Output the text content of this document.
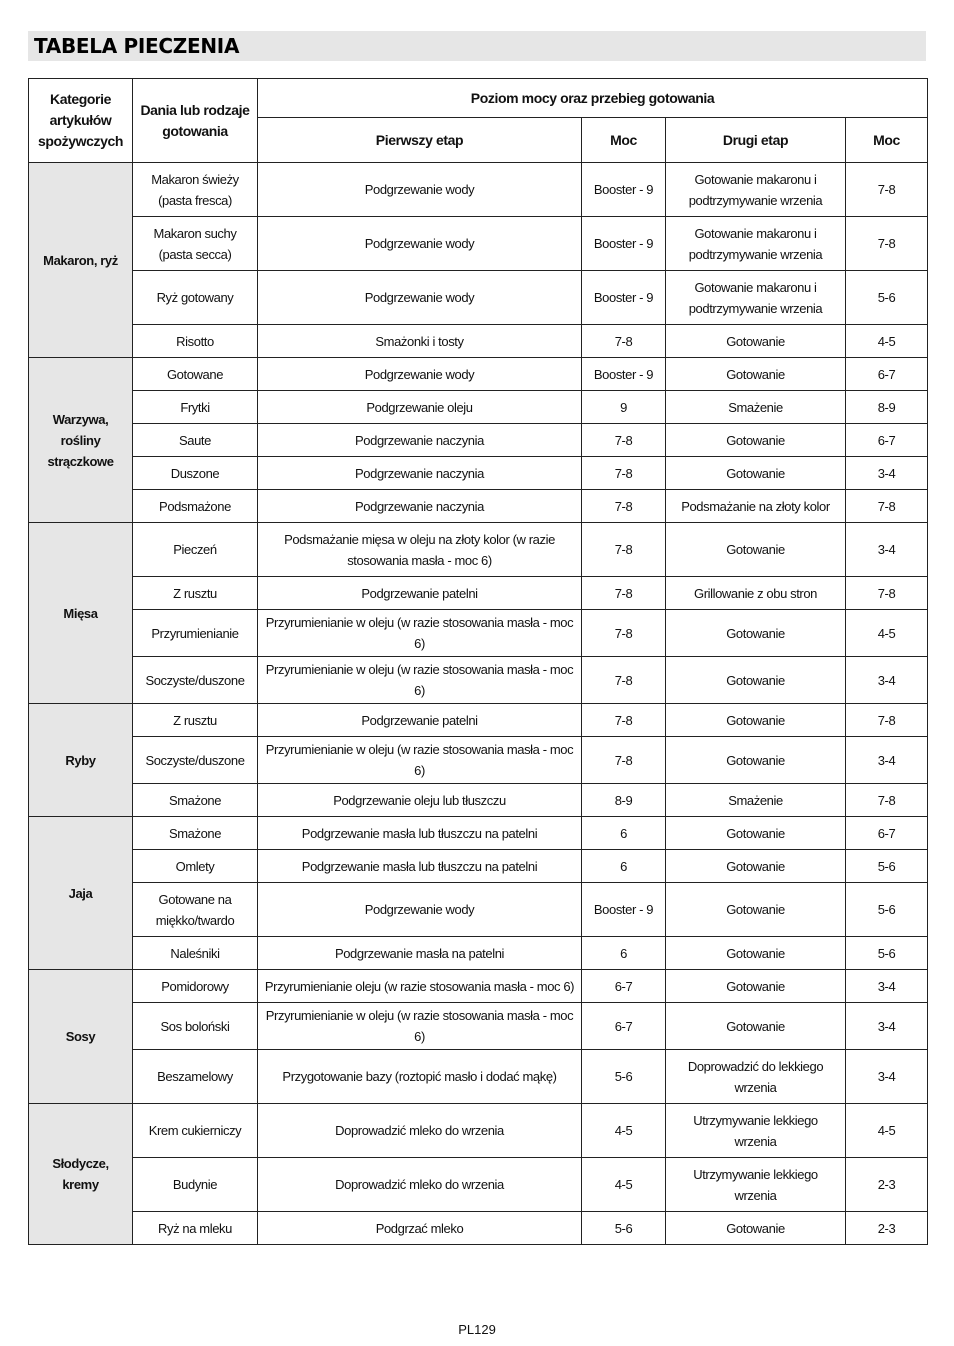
TABELA PIECZENIA
Kategorie artykułów spożywczych	Dania lub rodzaje gotowania	Poziom mocy oraz przebieg gotowania			
		Pierwszy etap	Moc	Drugi etap	Moc
Makaron, ryż	Makaron świeży (pasta fresca)	Podgrzewanie wody	Booster - 9	Gotowanie makaronu i podtrzymywanie wrzenia	7-8
	Makaron suchy (pasta secca)	Podgrzewanie wody	Booster - 9	Gotowanie makaronu i podtrzymywanie wrzenia	7-8
	Ryż gotowany	Podgrzewanie wody	Booster - 9	Gotowanie makaronu i podtrzymywanie wrzenia	5-6
	Risotto	Smażonki i tosty	7-8	Gotowanie	4-5
Warzywa, rośliny strączkowe	Gotowane	Podgrzewanie wody	Booster - 9	Gotowanie	6-7
	Frytki	Podgrzewanie oleju	9	Smażenie	8-9
	Saute	Podgrzewanie naczynia	7-8	Gotowanie	6-7
	Duszone	Podgrzewanie naczynia	7-8	Gotowanie	3-4
	Podsmażone	Podgrzewanie naczynia	7-8	Podsmażanie na złoty kolor	7-8
Mięsa	Pieczeń	Podsmażanie mięsa w oleju na złoty kolor (w razie stosowania masła - moc 6)	7-8	Gotowanie	3-4
	Z rusztu	Podgrzewanie patelni	7-8	Grillowanie z obu stron	7-8
	Przyrumienianie	Przyrumienianie w oleju (w razie stosowania masła - moc 6)	7-8	Gotowanie	4-5
	Soczyste/duszone	Przyrumienianie w oleju (w razie stosowania masła - moc 6)	7-8	Gotowanie	3-4
Ryby	Z rusztu	Podgrzewanie patelni	7-8	Gotowanie	7-8
	Soczyste/duszone	Przyrumienianie w oleju (w razie stosowania masła - moc 6)	7-8	Gotowanie	3-4
	Smażone	Podgrzewanie oleju lub tłuszczu	8-9	Smażenie	7-8
Jaja	Smażone	Podgrzewanie masła lub tłuszczu na patelni	6	Gotowanie	6-7
	Omlety	Podgrzewanie masła lub tłuszczu na patelni	6	Gotowanie	5-6
	Gotowane na miękko/twardo	Podgrzewanie wody	Booster - 9	Gotowanie	5-6
	Naleśniki	Podgrzewanie masła na patelni	6	Gotowanie	5-6
Sosy	Pomidorowy	Przyrumienianie oleju (w razie stosowania masła - moc 6)	6-7	Gotowanie	3-4
	Sos boloński	Przyrumienianie w oleju (w razie stosowania masła - moc 6)	6-7	Gotowanie	3-4
	Beszamelowy	Przygotowanie bazy (roztopić masło i dodać mąkę)	5-6	Doprowadzić do lekkiego wrzenia	3-4
Słodycze, kremy	Krem cukierniczy	Doprowadzić mleko do wrzenia	4-5	Utrzymywanie lekkiego wrzenia	4-5
	Budynie	Doprowadzić mleko do wrzenia	4-5	Utrzymywanie lekkiego wrzenia	2-3
	Ryż na mleku	Podgrzać mleko	5-6	Gotowanie	2-3
PL129
